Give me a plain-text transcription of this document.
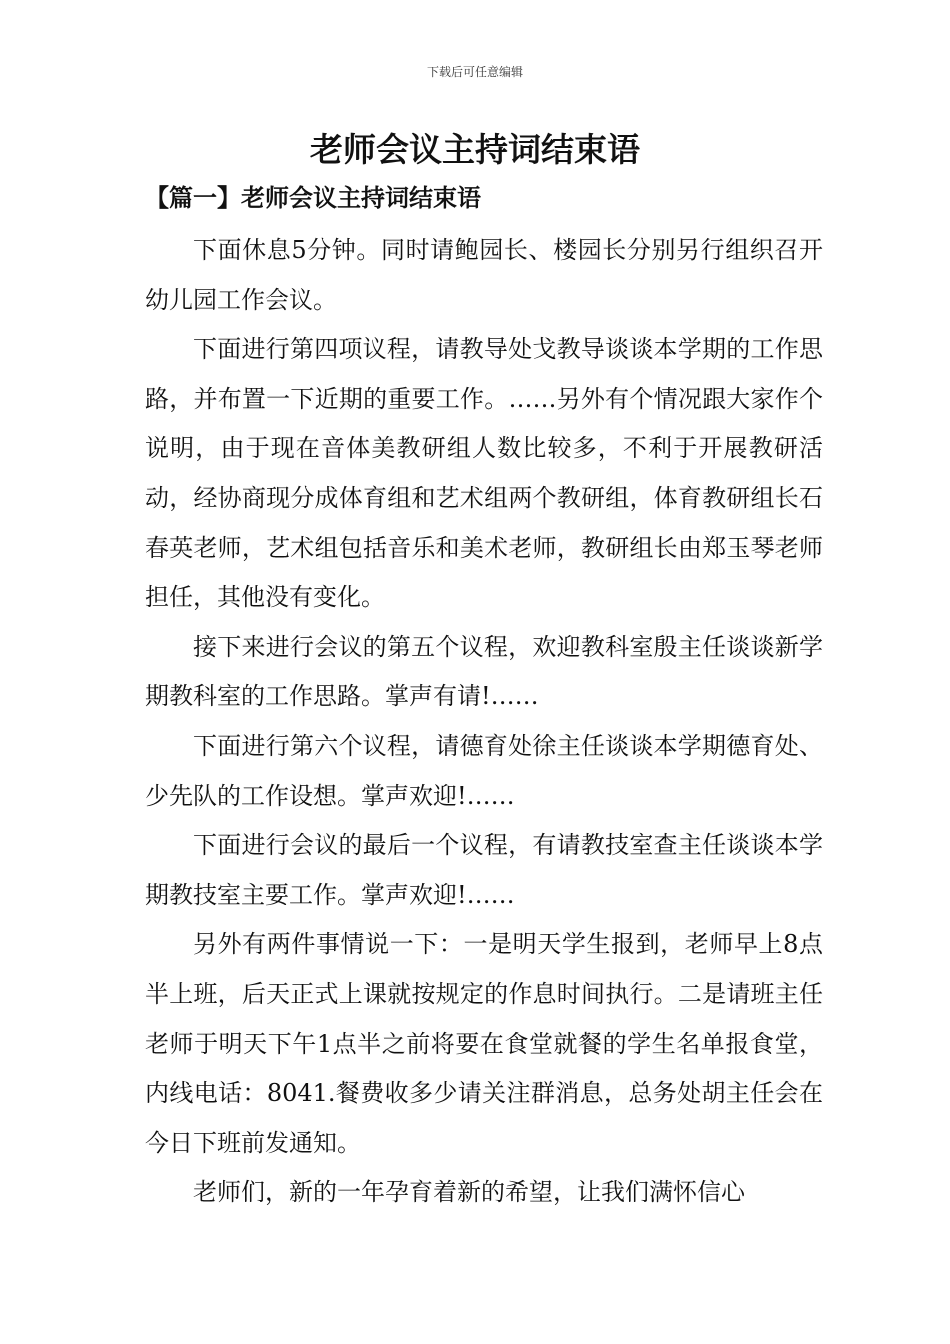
下载后可任意编辑
老师会议主持词结束语
【篇一】老师会议主持词结束语

下面休息5分钟。同时请鲍园长、楼园长分别另行组织召开幼儿园工作会议。

下面进行第四项议程，请教导处戈教导谈谈本学期的工作思路，并布置一下近期的重要工作。……另外有个情况跟大家作个说明，由于现在音体美教研组人数比较多，不利于开展教研活动，经协商现分成体育组和艺术组两个教研组，体育教研组长石春英老师，艺术组包括音乐和美术老师，教研组长由郑玉琴老师担任，其他没有变化。

接下来进行会议的第五个议程，欢迎教科室殷主任谈谈新学期教科室的工作思路。掌声有请!……

下面进行第六个议程，请德育处徐主任谈谈本学期德育处、少先队的工作设想。掌声欢迎!……

下面进行会议的最后一个议程，有请教技室查主任谈谈本学期教技室主要工作。掌声欢迎!……

另外有两件事情说一下：一是明天学生报到，老师早上8点半上班，后天正式上课就按规定的作息时间执行。二是请班主任老师于明天下午1点半之前将要在食堂就餐的学生名单报食堂，内线电话：8041.餐费收多少请关注群消息，总务处胡主任会在今日下班前发通知。

老师们，新的一年孕育着新的希望，让我们满怀信心
